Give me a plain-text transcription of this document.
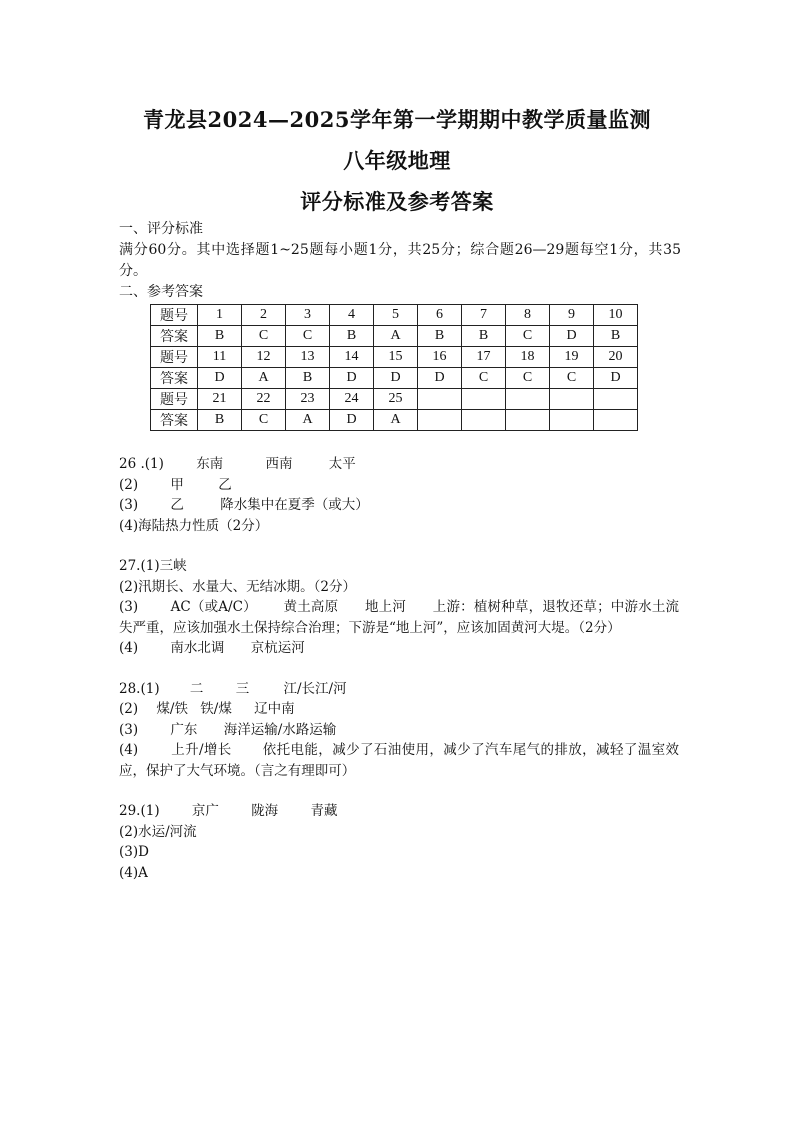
青龙县2024—2025学年第一学期期中教学质量监测
八年级地理
评分标准及参考答案
一、评分标准
满分60分。其中选择题1~25题每小题1分，共25分；综合题26—29题每空1分，共35分。
二、参考答案
题号	1	2	3	4	5	6	7	8	9	10
答案	B	C	C	B	A	B	B	C	D	B
题号	11	12	13	14	15	16	17	18	19	20
答案	D	A	B	D	D	D	C	C	C	D
题号	21	22	23	24	25					
答案	B	C	A	D	A					
26 .(1) 东南	西南	太平
(2) 甲	乙
(3) 乙	降水集中在夏季（或大）
(4)海陆热力性质（2分）
27.(1)三峡
(2)汛期长、水量大、无结冰期。（2分）
(3) AC（或A/C） 黄土高原 地上河 上游：植树种草，退牧还草；中游水土流失严重，应该加强水土保持综合治理；下游是“地上河”，应该加固黄河大堤。（2分）
(4) 南水北调 京杭运河
28.(1) 二 三	江/长江/河
(2) 煤/铁 铁/煤 辽中南
(3) 广东 海洋运输/水路运输
(4) 上升/增长 依托电能，减少了石油使用，减少了汽车尾气的排放，减轻了温室效应，保护了大气环境。（言之有理即可）
29.(1) 京广 陇海 青藏
(2)水运/河流
(3)D
(4)A
